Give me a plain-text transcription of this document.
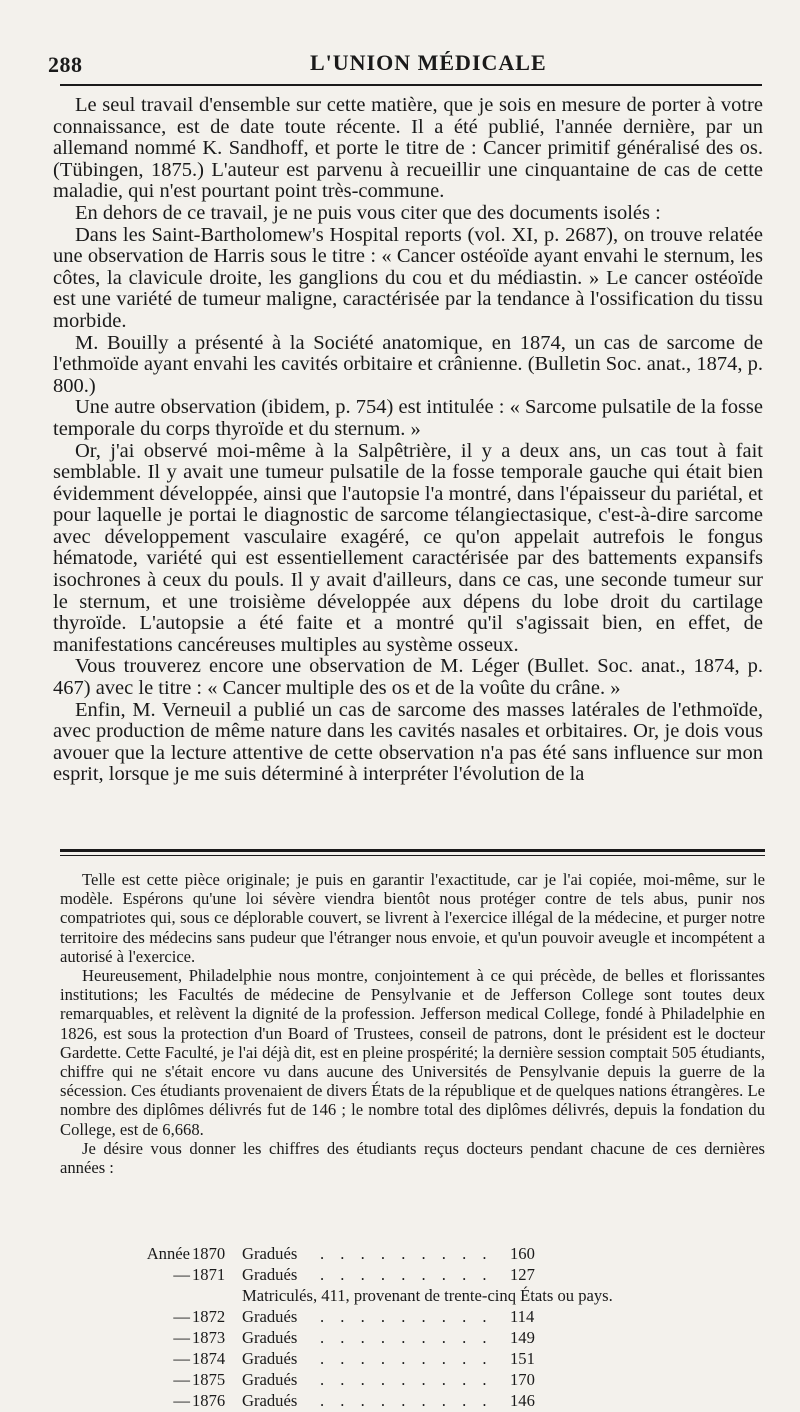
288	L'UNION MÉDICALE

Le seul travail d'ensemble sur cette matière, que je sois en mesure de porter à votre connaissance, est de date toute récente. Il a été publié, l'année dernière, par un allemand nommé K. Sandhoff, et porte le titre de : Cancer primitif généralisé des os. (Tübingen, 1875.) L'auteur est parvenu à recueillir une cinquantaine de cas de cette maladie, qui n'est pourtant point très-commune.

En dehors de ce travail, je ne puis vous citer que des documents isolés :

Dans les Saint-Bartholomew's Hospital reports (vol. XI, p. 2687), on trouve relatée une observation de Harris sous le titre : « Cancer ostéoïde ayant envahi le sternum, les côtes, la clavicule droite, les ganglions du cou et du médiastin. » Le cancer ostéoïde est une variété de tumeur maligne, caractérisée par la tendance à l'ossification du tissu morbide.

M. Bouilly a présenté à la Société anatomique, en 1874, un cas de sarcome de l'ethmoïde ayant envahi les cavités orbitaire et crânienne. (Bulletin Soc. anat., 1874, p. 800.)

Une autre observation (ibidem, p. 754) est intitulée : « Sarcome pulsatile de la fosse temporale du corps thyroïde et du sternum. »

Or, j'ai observé moi-même à la Salpêtrière, il y a deux ans, un cas tout à fait semblable. Il y avait une tumeur pulsatile de la fosse temporale gauche qui était bien évidemment développée, ainsi que l'autopsie l'a montré, dans l'épaisseur du pariétal, et pour laquelle je portai le diagnostic de sarcome télangiectasique, c'est-à-dire sarcome avec développement vasculaire exagéré, ce qu'on appelait autrefois le fongus hématode, variété qui est essentiellement caractérisée par des battements expansifs isochrones à ceux du pouls. Il y avait d'ailleurs, dans ce cas, une seconde tumeur sur le sternum, et une troisième développée aux dépens du lobe droit du cartilage thyroïde. L'autopsie a été faite et a montré qu'il s'agissait bien, en effet, de manifestations cancéreuses multiples au système osseux.

Vous trouverez encore une observation de M. Léger (Bullet. Soc. anat., 1874, p. 467) avec le titre : « Cancer multiple des os et de la voûte du crâne. »

Enfin, M. Verneuil a publié un cas de sarcome des masses latérales de l'ethmoïde, avec production de même nature dans les cavités nasales et orbitaires. Or, je dois vous avouer que la lecture attentive de cette observation n'a pas été sans influence sur mon esprit, lorsque je me suis déterminé à interpréter l'évolution de la

Telle est cette pièce originale; je puis en garantir l'exactitude, car je l'ai copiée, moi-même, sur le modèle. Espérons qu'une loi sévère viendra bientôt nous protéger contre de tels abus, punir nos compatriotes qui, sous ce déplorable couvert, se livrent à l'exercice illégal de la médecine, et purger notre territoire des médecins sans pudeur que l'étranger nous envoie, et qu'un pouvoir aveugle et incompétent a autorisé à l'exercice.

Heureusement, Philadelphie nous montre, conjointement à ce qui précède, de belles et florissantes institutions; les Facultés de médecine de Pensylvanie et de Jefferson College sont toutes deux remarquables, et relèvent la dignité de la profession. Jefferson medical College, fondé à Philadelphie en 1826, est sous la protection d'un Board of Trustees, conseil de patrons, dont le président est le docteur Gardette. Cette Faculté, je l'ai déjà dit, est en pleine prospérité; la dernière session comptait 505 étudiants, chiffre qui ne s'était encore vu dans aucune des Universités de Pensylvanie depuis la guerre de la sécession. Ces étudiants provenaient de divers États de la république et de quelques nations étrangères. Le nombre des diplômes délivrés fut de 146 ; le nombre total des diplômes délivrés, depuis la fondation du College, est de 6,668.

Je désire vous donner les chiffres des étudiants reçus docteurs pendant chacune de ces dernières années :

Année 1870 Gradués . . . . . . . . .	160
— 1871 Gradués . . . . . . . . .	127
Matriculés, 411, provenant de trente-cinq États ou pays.
— 1872 Gradués . . . . . . . . .	114
— 1873 Gradués . . . . . . . . .	149
— 1874 Gradués . . . . . . . . .	151
— 1875 Gradués . . . . . . . . .	170
— 1876 Gradués . . . . . . . . .	146
